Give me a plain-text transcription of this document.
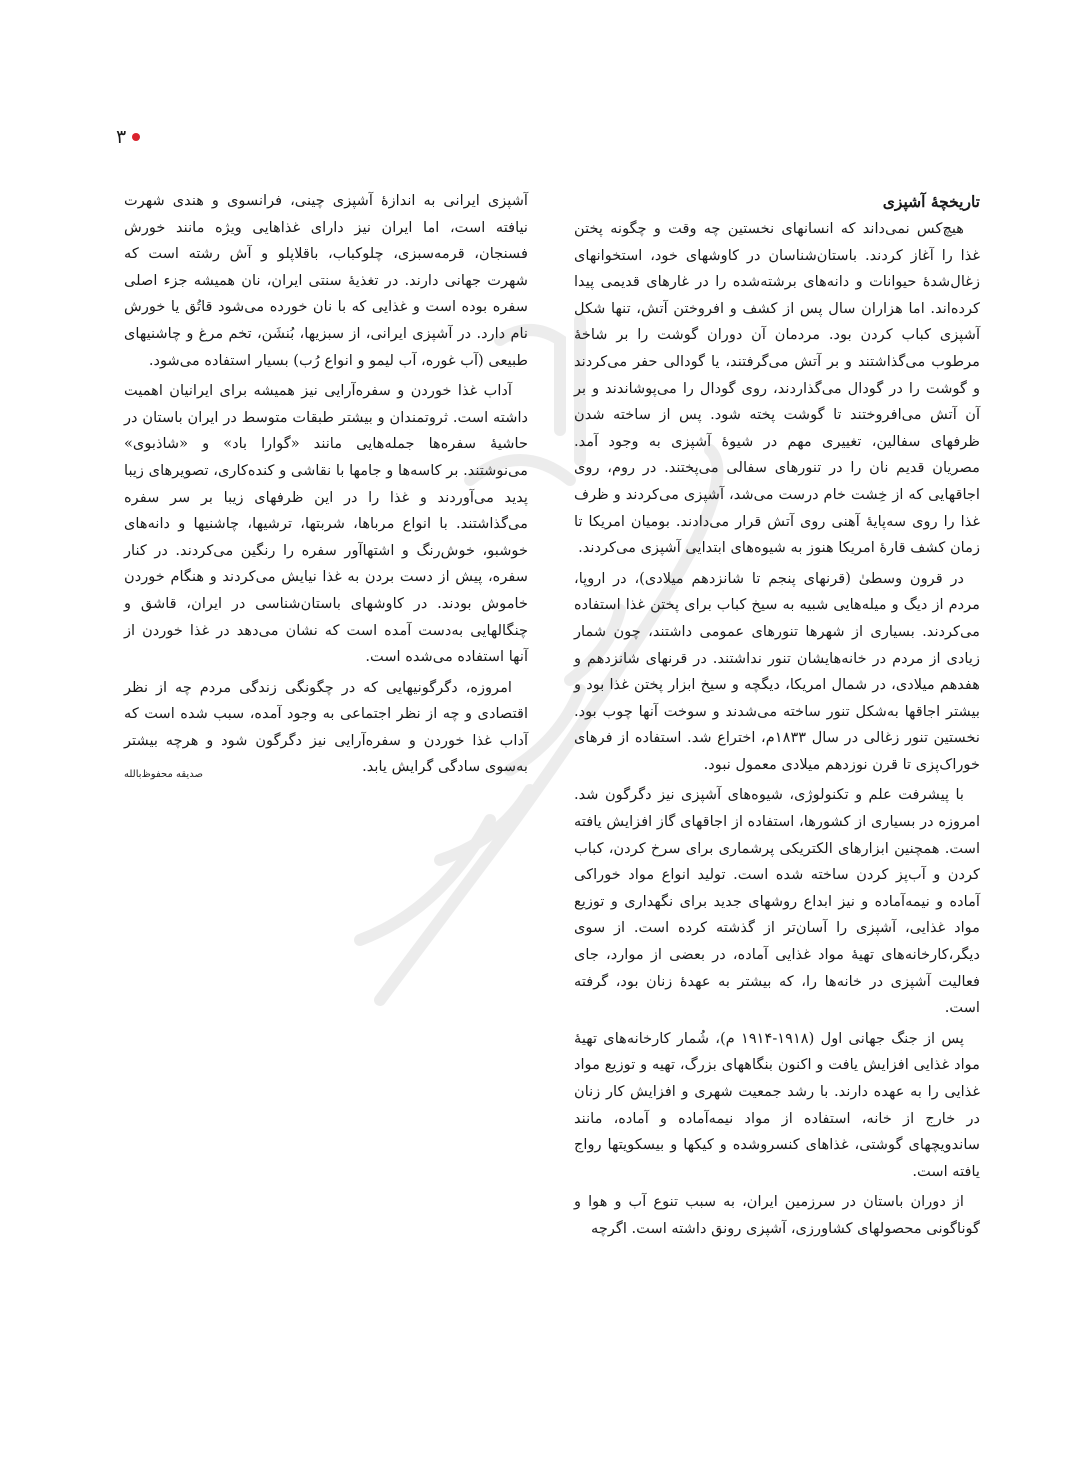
۳
تاریخچهٔ آشپزی

هیچ‌کس نمی‌داند که انسانهای نخستین چه وقت و چگونه پختن غذا را آغاز کردند. باستان‌شناسان در کاوشهای خود، استخوانهای زغال‌شدهٔ حیوانات و دانه‌های برشته‌شده را در غارهای قدیمی پیدا کرده‌اند. اما هزاران سال پس از کشف و افروختن آتش، تنها شکل آشپزی کباب کردن بود. مردمان آن دوران گوشت را بر شاخهٔ مرطوب می‌گذاشتند و بر آتش می‌گرفتند، یا گودالی حفر می‌کردند و گوشت را در گودال می‌گذاردند، روی گودال را می‌پوشاندند و بر آن آتش می‌افروختند تا گوشت پخته شود. پس از ساخته شدن ظرفهای سفالین، تغییری مهم در شیوهٔ آشپزی به وجود آمد. مصریان قدیم نان را در تنورهای سفالی می‌پختند. در روم، روی اجاقهایی که از خِشت خام درست می‌شد، آشپزی می‌کردند و ظرف غذا را روی سه‌پایهٔ آهنی روی آتش قرار می‌دادند. بومیان امریکا تا زمان کشف قارهٔ امریکا هنوز به شیوه‌های ابتدایی آشپزی می‌کردند.

در قرون وسطیٰ (قرنهای پنجم تا شانزدهم میلادی)، در اروپا، مردم از دیگ و میله‌هایی شبیه به سیخ کباب برای پختن غذا استفاده می‌کردند. بسیاری از شهرها تنورهای عمومی داشتند، چون شمار زیادی از مردم در خانه‌هایشان تنور نداشتند. در قرنهای شانزدهم و هفدهم میلادی، در شمال امریکا، دیگچه و سیخ ابزار پختن غذا بود و بیشتر اجاقها به‌شکل تنور ساخته می‌شدند و سوخت آنها چوب بود. نخستین تنور زغالی در سال ۱۸۳۳م، اختراع شد. استفاده از فرهای خوراک‌پزی تا قرن نوزدهم میلادی معمول نبود.

با پیشرفت علم و تکنولوژی، شیوه‌های آشپزی نیز دگرگون شد. امروزه در بسیاری از کشورها، استفاده از اجاقهای گاز افزایش یافته است. همچنین ابزارهای الکتریکی پرشماری برای سرخ کردن، کباب کردن و آب‌پز کردن ساخته شده است. تولید انواع مواد خوراکی آماده و نیمه‌آماده و نیز ابداع روشهای جدید برای نگهداری و توزیع مواد غذایی، آشپزی را آسان‌تر از گذشته کرده است. از سوی دیگر،کارخانه‌های تهیهٔ مواد غذایی آماده، در بعضی از موارد، جای فعالیت آشپزی در خانه‌ها را، که بیشتر به عهدهٔ زنان بود، گرفته است.

پس از جنگ جهانی اول (۱۹۱۸-۱۹۱۴ م)، شُمار کارخانه‌های تهیهٔ مواد غذایی افزایش یافت و اکنون بنگاههای بزرگ، تهیه و توزیع مواد غذایی را به عهده دارند. با رشد جمعیت شهری و افزایش کار زنان در خارج از خانه، استفاده از مواد نیمه‌آماده و آماده، مانند ساندویچهای گوشتی، غذاهای کنسروشده و کیکها و بیسکویتها رواج یافته است.

از دوران باستان در سرزمین ایران، به سبب تنوع آب و هوا و گوناگونی محصولهای کشاورزی، آشپزی رونق داشته است. اگرچه

آشپزی ایرانی به اندازهٔ آشپزی چینی، فرانسوی و هندی شهرت نیافته است، اما ایران نیز دارای غذاهایی ویژه مانند خورش فسنجان، قرمه‌سبزی، چلوکباب، باقلاپلو و آش رشته است که شهرت جهانی دارند. در تغذیهٔ سنتی ایران، نان همیشه جزء اصلی سفره بوده است و غذایی که با نان خورده می‌شود قاتُق یا خورش نام دارد. در آشپزی ایرانی، از سبزیها، بُنشَن، تخم مرغ و چاشنیهای طبیعی (آب غوره، آب لیمو و انواع رُب) بسیار استفاده می‌شود.

آداب غذا خوردن و سفره‌آرایی نیز همیشه برای ایرانیان اهمیت داشته است. ثروتمندان و بیشتر طبقات متوسط در ایران باستان در حاشیهٔ سفره‌ها جمله‌هایی مانند «گوارا باد» و «شاذبوی» می‌نوشتند. بر کاسه‌ها و جامها با نقاشی و کنده‌کاری، تصویرهای زیبا پدید می‌آوردند و غذا را در این ظرفهای زیبا بر سر سفره می‌گذاشتند. با انواع مرباها، شربتها، ترشیها، چاشنیها و دانه‌های خوشبو، خوش‌رنگ و اشتهاآور سفره را رنگین می‌کردند. در کنار سفره، پیش از دست بردن به غذا نیایش می‌کردند و هنگام خوردن خاموش بودند. در کاوشهای باستان‌شناسی در ایران، قاشق و چنگالهایی به‌دست آمده است که نشان می‌دهد در غذا خوردن از آنها استفاده می‌شده است.

امروزه، دگرگونیهایی که در چگونگی زندگی مردم چه از نظر اقتصادی و چه از نظر اجتماعی به وجود آمده، سبب شده است که آداب غذا خوردن و سفره‌آرایی نیز دگرگون شود و هرچه بیشتر به‌سوی سادگی گرایش یابد.

صدیقه محفوظ‌بالله
